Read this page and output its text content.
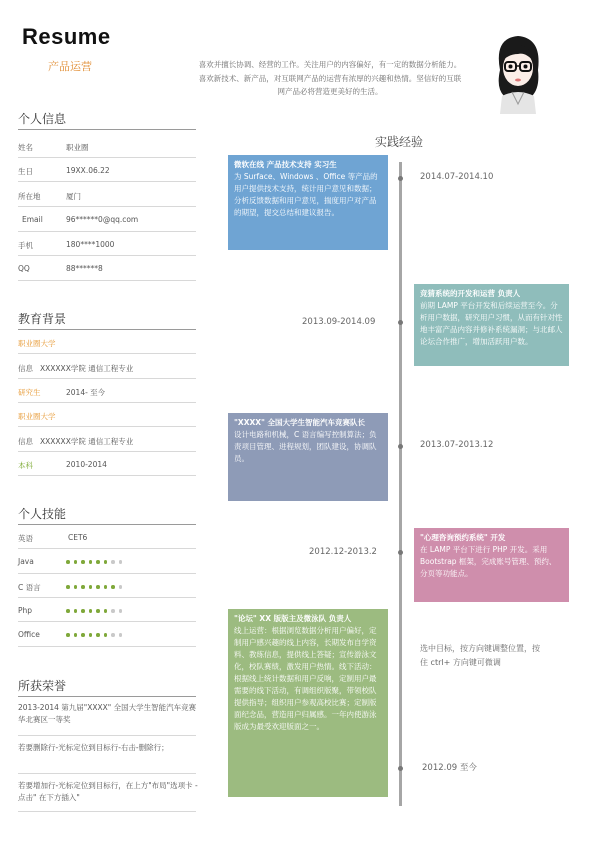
Resume
产品运营	喜欢并擅长协调、经营的工作。关注用户的内容偏好，有一定的数据分析能力。喜欢新技术、新产品，对互联网产品的运营有浓厚的兴趣和热情。坚信好的互联网产品必将营造更美好的生活。
个人信息
姓名	职业圈
生日	19XX.06.22
所在地	厦门
Email	96******0@qq.com
手机	180****1000
QQ	88******8
教育背景
职业圈大学
信息 XXXXXX学院 通信工程专业
研究生	2014- 至今
职业圈大学
信息 XXXXXX学院 通信工程专业
本科	2010-2014
个人技能
英语	CET6
Java
C 语言
Php
Office
所获荣誉
2013-2014 第九届"XXXX" 全国大学生智能汽车竞赛华北赛区一等奖
若要删除行-光标定位到目标行-右击-删除行；
若要增加行-光标定位到目标行，在上方"布局"选项卡 -点击" 在下方插入"
实践经验
微软在线 产品技术支持 实习生
为 Surface、Windows 、Office 等产品的用户提供技术支持，统计用户意见和数据；分析反馈数据和用户意见，揣度用户对产品的期望，提交总结和建议报告。
2014.07-2014.10
竞猜系统的开发和运营 负责人
前期 LAMP 平台开发和后续运营至今。分析用户数据，研究用户习惯，从而有针对性地丰富产品内容并修补系统漏洞；与北邮人论坛合作推广，增加活跃用户数。
2013.09-2014.09
"XXXX" 全国大学生智能汽车竞赛队长
设计电路和机械，C 语言编写控制算法；负责项目管理、进程规划，团队建设，协调队员。
2013.07-2013.12
"心理咨询预约系统" 开发
在 LAMP 平台下进行 PHP 开发。采用 Bootstrap 框架，完成账号管理、预约、分页等功能点。
2012.12-2013.2
"论坛" XX 版版主及微泳队 负责人
线上运营：根据浏览数据分析用户偏好，定制用户感兴趣的线上内容，长期发布自学资料、教练信息，提供线上答疑；宣传游泳文化，校队赛绩，激发用户热情。线下活动：根据线上统计数据和用户反响，定制用户最需要的线下活动，有调组织版聚，带领校队提供指导；组织用户参观高校比赛；定制版面纪念品，营造用户归属感。一年内使游泳版成为最受欢迎版面之一。
2012.09 至今
选中目标，按方向键调整位置，按住 ctrl+ 方向键可微调
